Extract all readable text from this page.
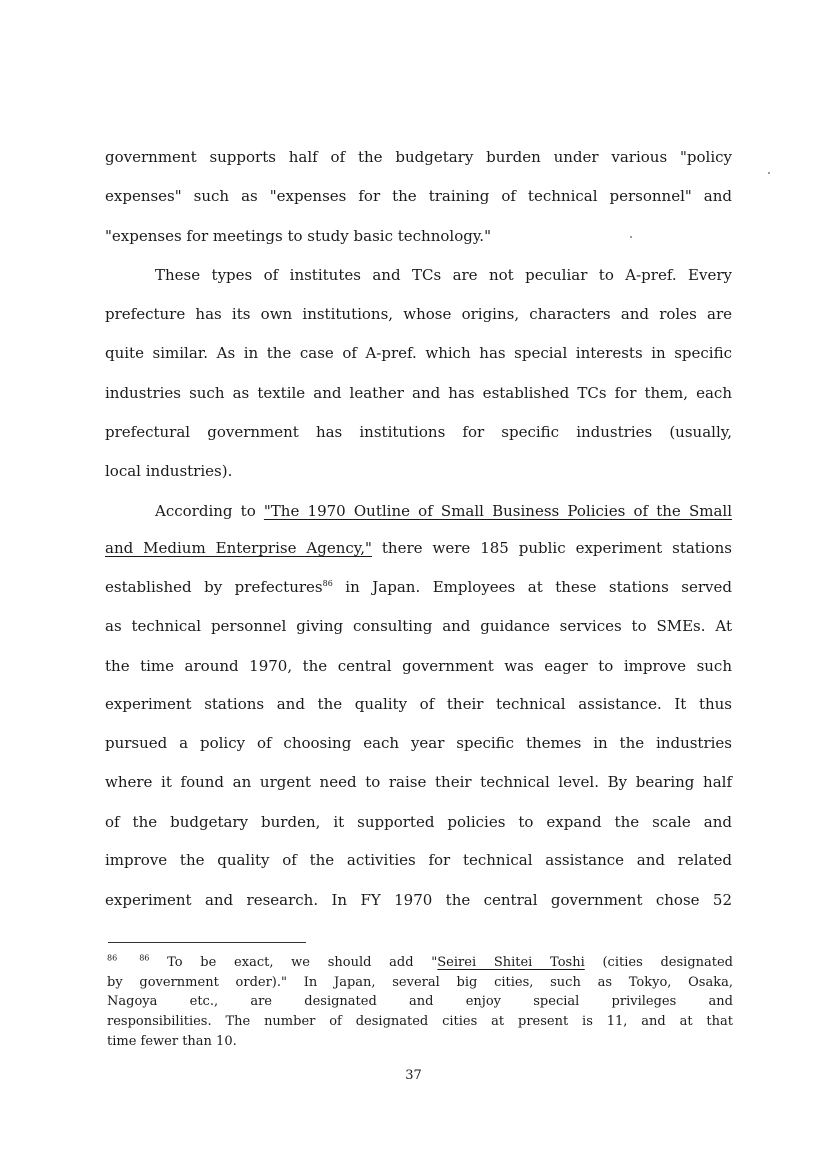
government supports half of the budgetary burden under various "policy

expenses" such as "expenses for the training of technical personnel" and

"expenses for meetings to study basic technology."

These types of institutes and TCs are not peculiar to A-pref. Every

prefecture has its own institutions, whose origins, characters and roles are

quite similar. As in the case of A-pref. which has special interests in specific

industries such as textile and leather and has established TCs for them, each

prefectural government has institutions for specific industries (usually,

local industries).

According to "The 1970 Outline of Small Business Policies of the Small

and Medium Enterprise Agency," there were 185 public experiment stations

established by prefectures$^{86}$ in Japan. Employees at these stations served

as technical personnel giving consulting and guidance services to SMEs. At

the time around 1970, the central government was eager to improve such

experiment stations and the quality of their technical assistance. It thus

pursued a policy of choosing each year specific themes in the industries

where it found an urgent need to raise their technical level. By bearing half

of the budgetary burden, it supported policies to expand the scale and

improve the quality of the activities for technical assistance and related

experiment and research. In FY 1970 the central government chose 52

$^{86}$	$^{86}$ To be exact, we should add "Seirei Shitei Toshi (cities designated

by government order)." In Japan, several big cities, such as Tokyo, Osaka,

Nagoya etc., are designated and enjoy special privileges and

responsibilities. The number of designated cities at present is 11, and at that

time fewer than 10.

37
